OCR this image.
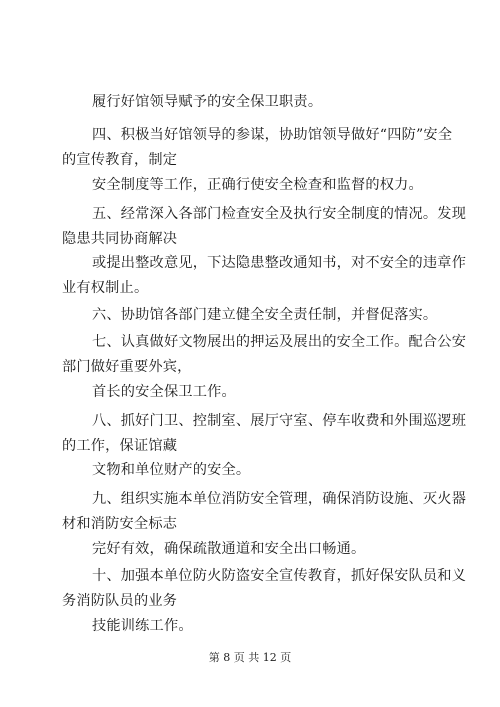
履行好馆领导赋予的安全保卫职责。
四、积极当好馆领导的参谋，协助馆领导做好“四防”安全
的宣传教育，制定
安全制度等工作，正确行使安全检查和监督的权力。
五、经常深入各部门检查安全及执行安全制度的情况。发现
隐患共同协商解决
或提出整改意见，下达隐患整改通知书，对不安全的违章作
业有权制止。
六、协助馆各部门建立健全安全责任制，并督促落实。
七、认真做好文物展出的押运及展出的安全工作。配合公安
部门做好重要外宾，
首长的安全保卫工作。
八、抓好门卫、控制室、展厅守室、停车收费和外围巡逻班
的工作，保证馆藏
文物和单位财产的安全。
九、组织实施本单位消防安全管理，确保消防设施、灭火器
材和消防安全标志
完好有效，确保疏散通道和安全出口畅通。
十、加强本单位防火防盗安全宣传教育，抓好保安队员和义
务消防队员的业务
技能训练工作。
第 8 页 共 12 页
